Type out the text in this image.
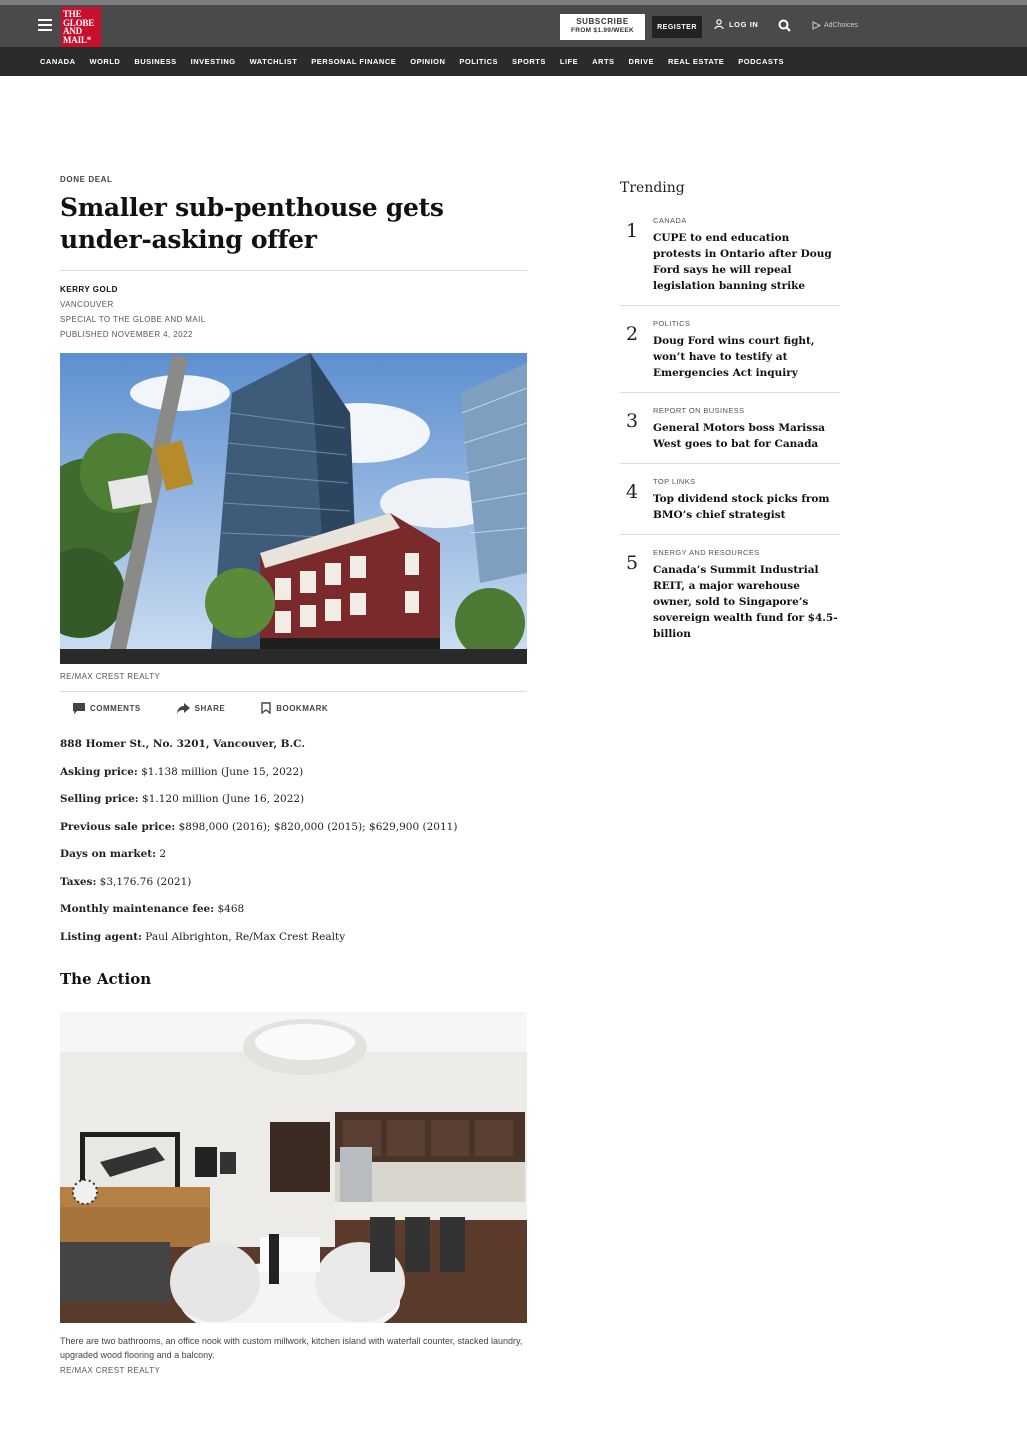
THE
GLOBE
AND
MAIL*
SUBSCRIBE
FROM $1.99/WEEK	REGISTER	LOG IN	AdChoices
CANADA WORLD BUSINESS INVESTING WATCHLIST PERSONAL FINANCE OPINION POLITICS SPORTS LIFE ARTS DRIVE REAL ESTATE PODCASTS
DONE DEAL
Smaller sub-penthouse gets under-asking offer
KERRY GOLD
VANCOUVER
SPECIAL TO THE GLOBE AND MAIL
PUBLISHED NOVEMBER 4, 2022
RE/MAX CREST REALTY
COMMENTS	SHARE	BOOKMARK

888 Homer St., No. 3201, Vancouver, B.C.

Asking price: $1.138 million (June 15, 2022)

Selling price: $1.120 million (June 16, 2022)

Previous sale price: $898,000 (2016); $820,000 (2015); $629,900 (2011)

Days on market: 2

Taxes: $3,176.76 (2021)

Monthly maintenance fee: $468

Listing agent: Paul Albrighton, Re/Max Crest Realty

The Action
There are two bathrooms, an office nook with custom millwork, kitchen island with waterfall counter, stacked laundry, upgraded wood flooring and a balcony.
RE/MAX CREST REALTY
Trending
1	CANADA
CUPE to end education protests in Ontario after Doug Ford says he will repeal legislation banning strike
2	POLITICS
Doug Ford wins court fight, won’t have to testify at Emergencies Act inquiry
3	REPORT ON BUSINESS
General Motors boss Marissa West goes to bat for Canada
4	TOP LINKS
Top dividend stock picks from BMO’s chief strategist
5	ENERGY AND RESOURCES
Canada’s Summit Industrial REIT, a major warehouse owner, sold to Singapore’s sovereign wealth fund for $4.5-billion
